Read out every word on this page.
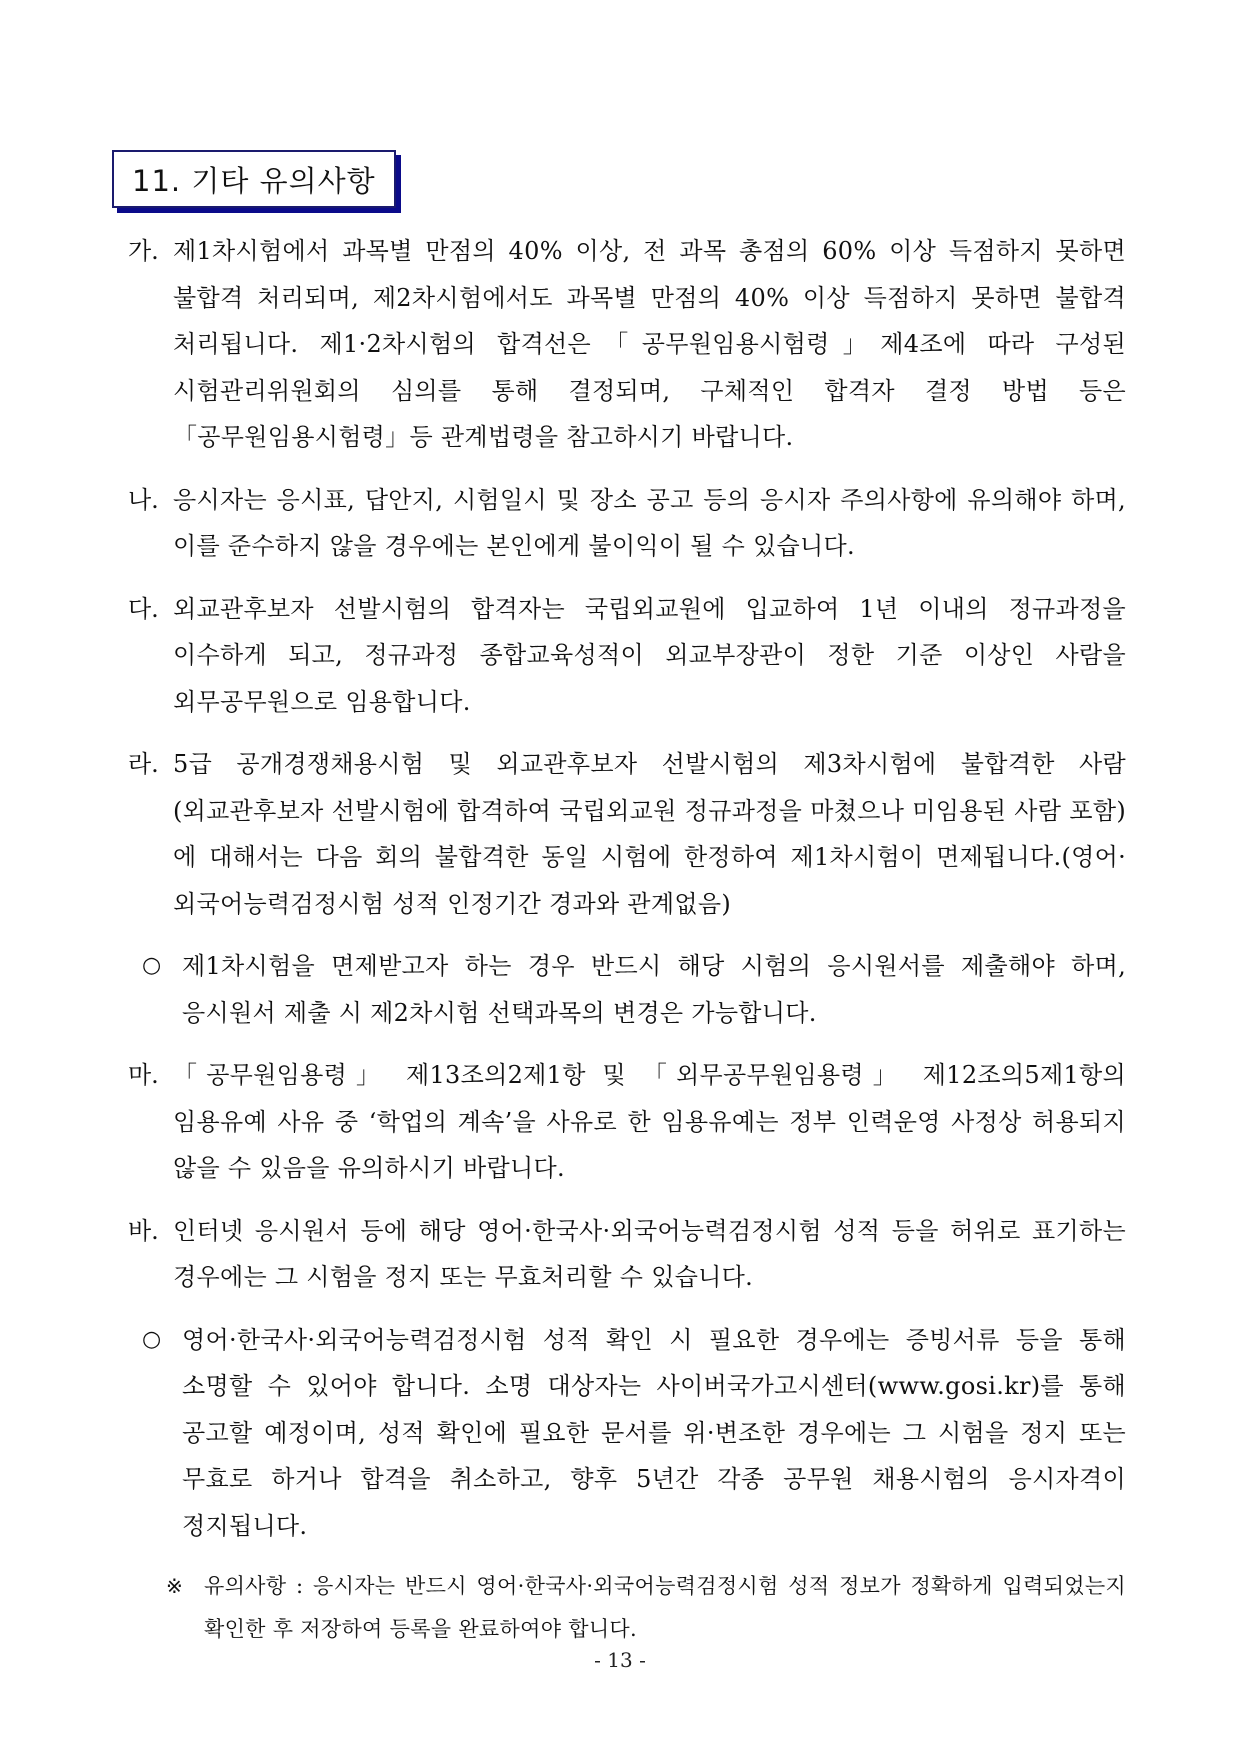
11. 기타 유의사항
가. 제1차시험에서 과목별 만점의 40% 이상, 전 과목 총점의 60% 이상 득점하지 못하면 불합격 처리되며, 제2차시험에서도 과목별 만점의 40% 이상 득점하지 못하면 불합격 처리됩니다. 제1·2차시험의 합격선은「공무원임용시험령」제4조에 따라 구성된 시험관리위원회의 심의를 통해 결정되며, 구체적인 합격자 결정 방법 등은「공무원임용시험령」등 관계법령을 참고하시기 바랍니다.
나. 응시자는 응시표, 답안지, 시험일시 및 장소 공고 등의 응시자 주의사항에 유의해야 하며, 이를 준수하지 않을 경우에는 본인에게 불이익이 될 수 있습니다.
다. 외교관후보자 선발시험의 합격자는 국립외교원에 입교하여 1년 이내의 정규과정을 이수하게 되고, 정규과정 종합교육성적이 외교부장관이 정한 기준 이상인 사람을 외무공무원으로 임용합니다.
라. 5급 공개경쟁채용시험 및 외교관후보자 선발시험의 제3차시험에 불합격한 사람(외교관후보자 선발시험에 합격하여 국립외교원 정규과정을 마쳤으나 미임용된 사람 포함)에 대해서는 다음 회의 불합격한 동일 시험에 한정하여 제1차시험이 면제됩니다.(영어·외국어능력검정시험 성적 인정기간 경과와 관계없음)
○ 제1차시험을 면제받고자 하는 경우 반드시 해당 시험의 응시원서를 제출해야 하며, 응시원서 제출 시 제2차시험 선택과목의 변경은 가능합니다.
마. 「공무원임용령」 제13조의2제1항 및 「외무공무원임용령」 제12조의5제1항의 임용유예 사유 중 ‘학업의 계속’을 사유로 한 임용유예는 정부 인력운영 사정상 허용되지 않을 수 있음을 유의하시기 바랍니다.
바. 인터넷 응시원서 등에 해당 영어·한국사·외국어능력검정시험 성적 등을 허위로 표기하는 경우에는 그 시험을 정지 또는 무효처리할 수 있습니다.
○ 영어·한국사·외국어능력검정시험 성적 확인 시 필요한 경우에는 증빙서류 등을 통해 소명할 수 있어야 합니다. 소명 대상자는 사이버국가고시센터(www.gosi.kr)를 통해 공고할 예정이며, 성적 확인에 필요한 문서를 위·변조한 경우에는 그 시험을 정지 또는 무효로 하거나 합격을 취소하고, 향후 5년간 각종 공무원 채용시험의 응시자격이 정지됩니다.
※	유의사항 : 응시자는 반드시 영어·한국사·외국어능력검정시험 성적 정보가 정확하게 입력되었는지 확인한 후 저장하여 등록을 완료하여야 합니다.
- 13 -
